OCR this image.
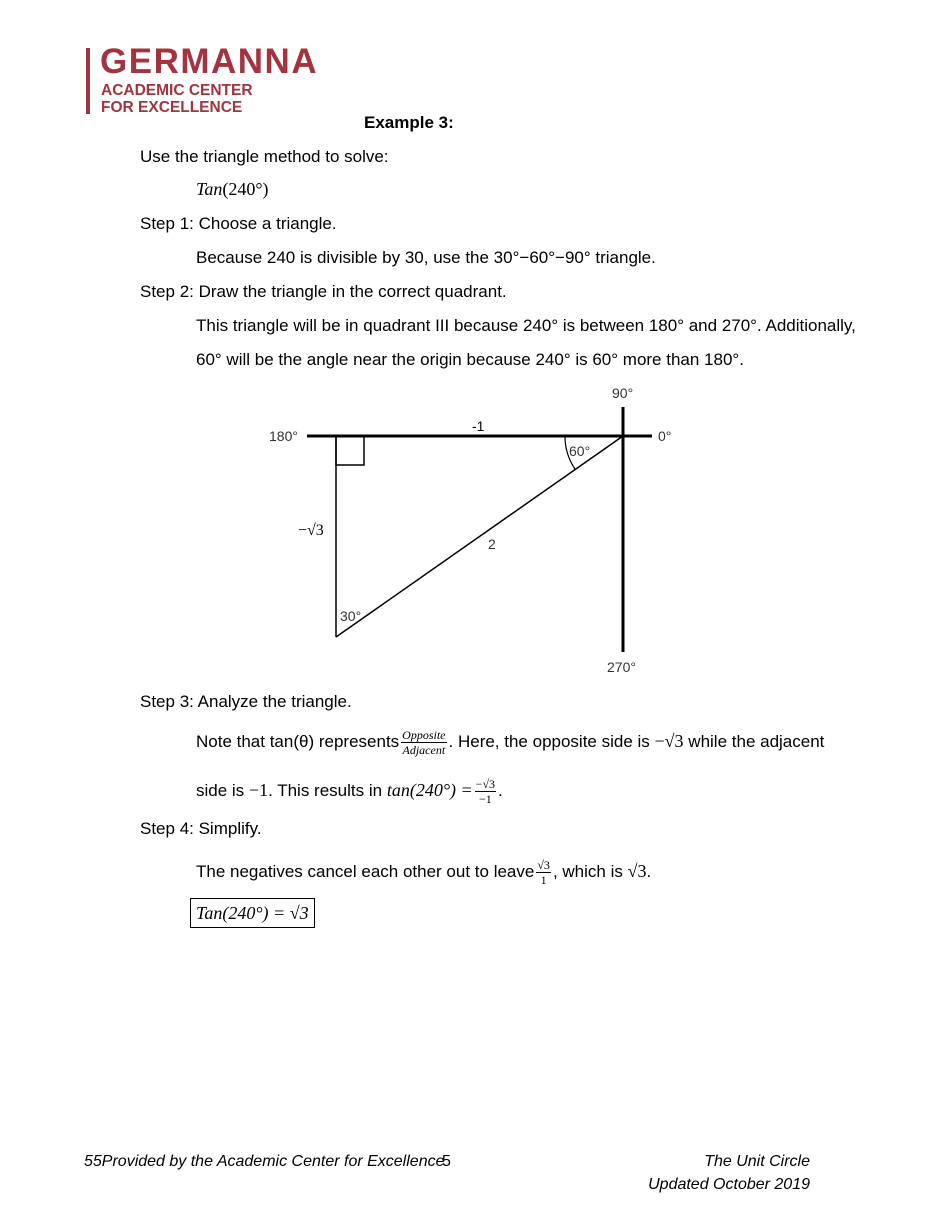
GERMANNA
ACADEMIC CENTER
FOR EXCELLENCE
Example 3:
Use the triangle method to solve:
Tan(240°)
Step 1: Choose a triangle.
Because 240 is divisible by 30, use the 30°−60°−90° triangle.
Step 2: Draw the triangle in the correct quadrant.
This triangle will be in quadrant III because 240° is between 180° and 270°. Additionally,
60° will be the angle near the origin because 240° is 60° more than 180°.
90°
0°
180°
270°
-1
−√3
2
60°
30°
Step 3: Analyze the triangle.
Note that tan(θ) represents $\frac{\text{Opposite}}{\text{Adjacent}}$ . Here, the opposite side is −√3 while the adjacent
side is −1. This results in $\tan(240^\circ) = \frac{-√3}{-1}$ .
Step 4: Simplify.
The negatives cancel each other out to leave $\frac{√3}{1}$ , which is √3.
Tan(240°) = √3
55Provided by the Academic Center for Excellence
5	The Unit Circle
Updated October 2019
